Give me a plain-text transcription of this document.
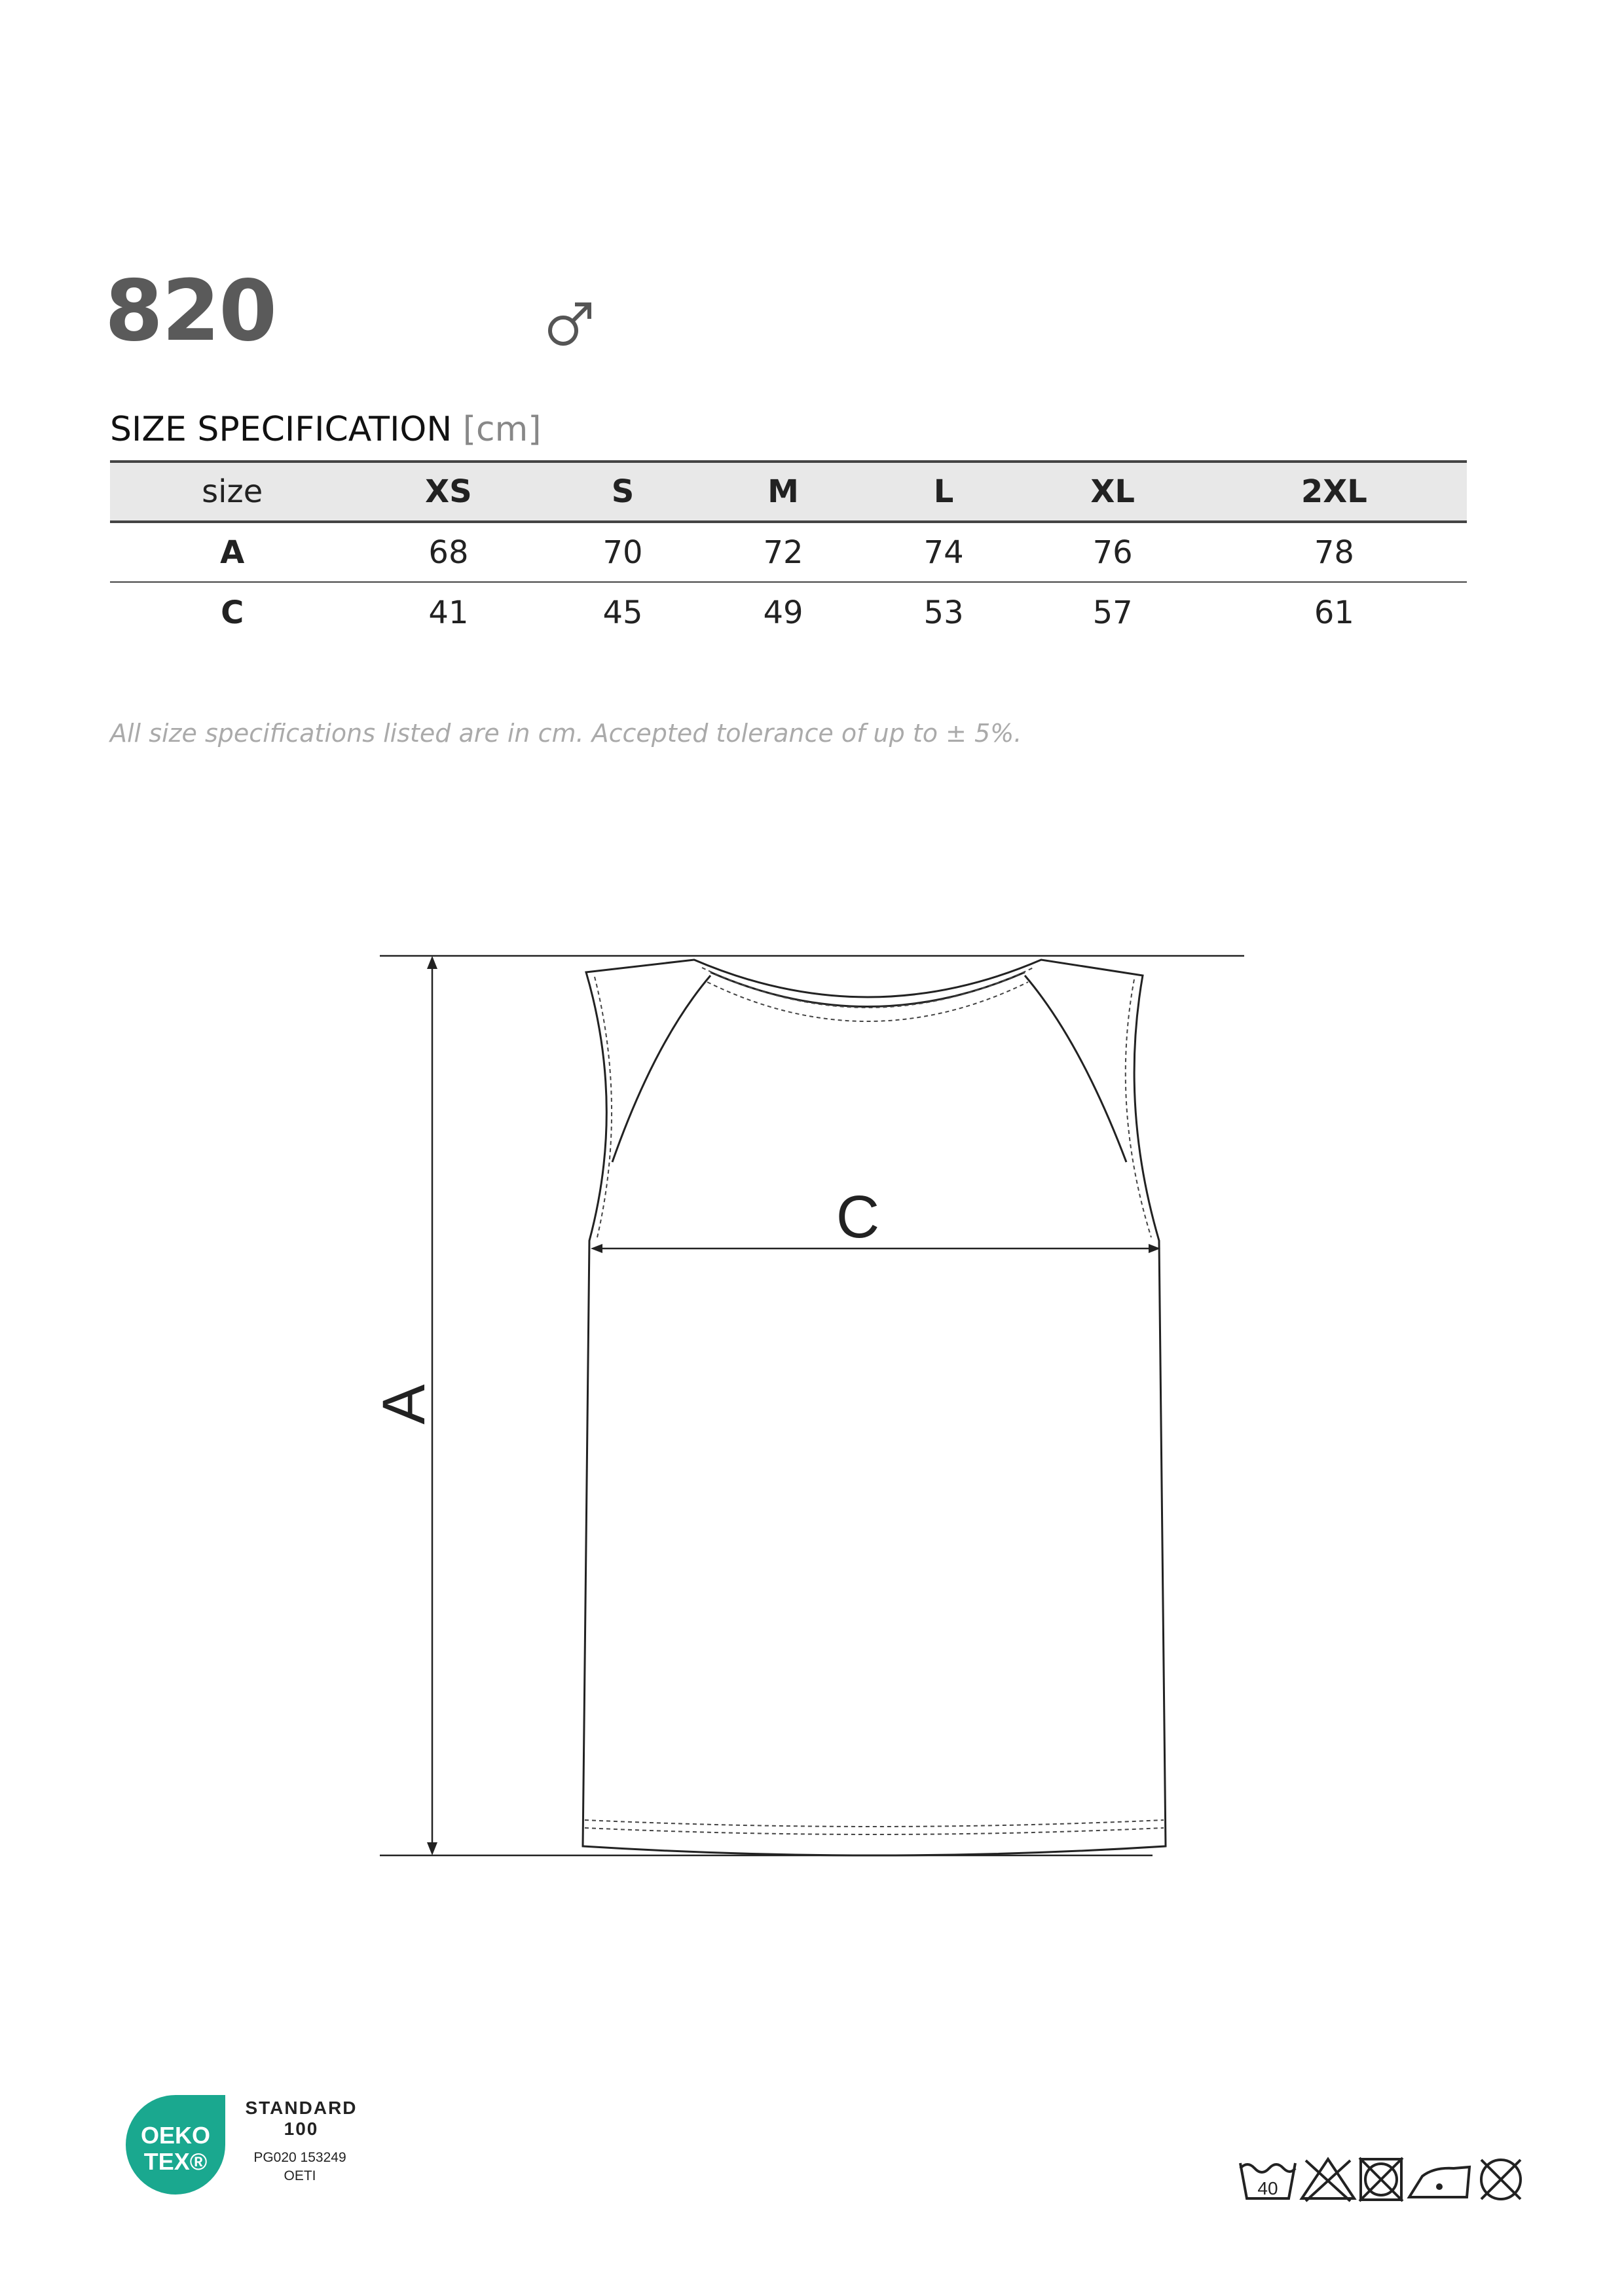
820
SIZE SPECIFICATION [cm]
size	XS	S	M	L	XL	2XL
A	68	70	72	74	76	78
C	41	45	49	53	57	61
All size specifications listed are in cm. Accepted tolerance of up to ± 5%.
A
C
OEKO
TEX®
STANDARD
100
PG020 153249
OETI
40
